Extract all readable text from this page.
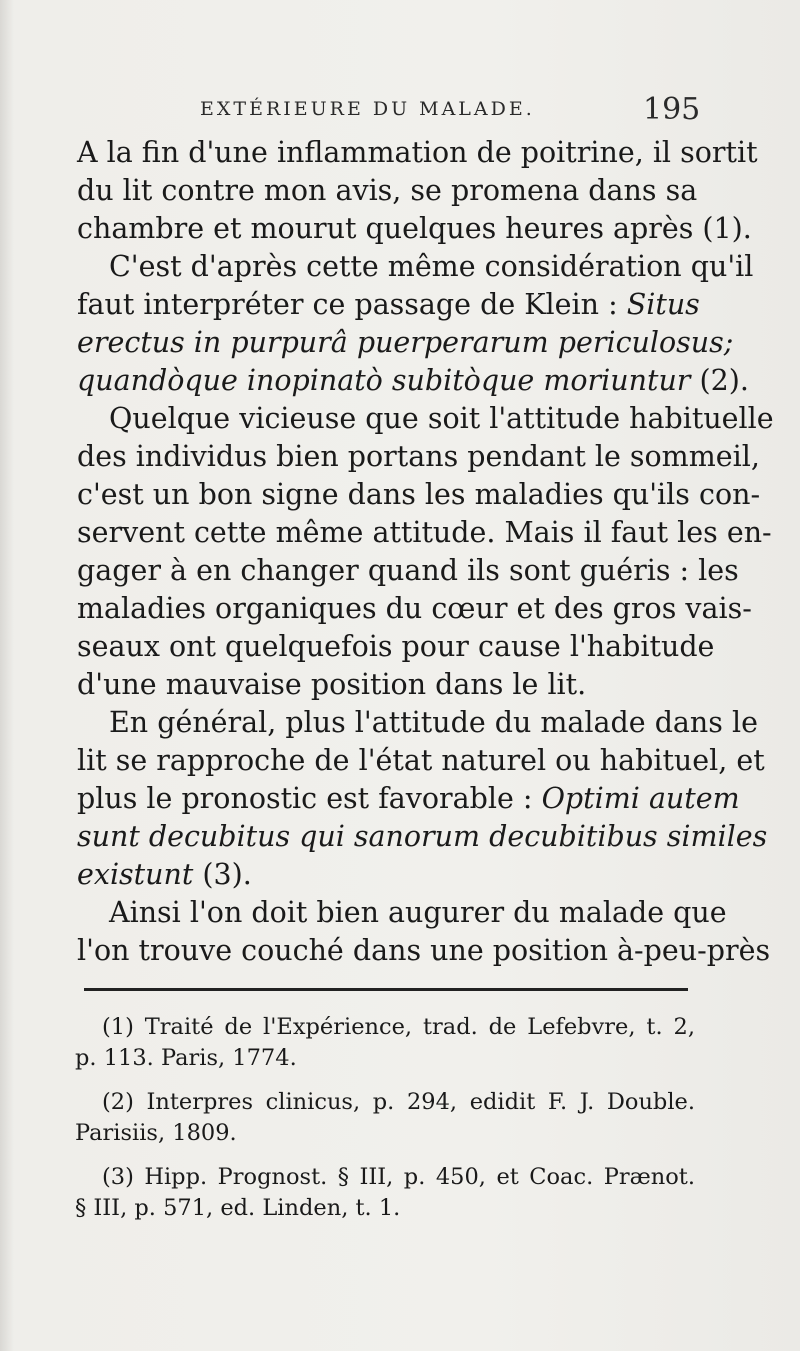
EXTÉRIEURE DU MALADE.	195
A la fin d'une inflammation de poitrine, il sortit
du lit contre mon avis, se promena dans sa
chambre et mourut quelques heures après (1).
C'est d'après cette même considération qu'il
faut interpréter ce passage de Klein : Situs
erectus in purpurâ puerperarum periculosus;
quandòque inopinatò subitòque moriuntur (2).
Quelque vicieuse que soit l'attitude habituelle
des individus bien portans pendant le sommeil,
c'est un bon signe dans les maladies qu'ils con-
servent cette même attitude. Mais il faut les en-
gager à en changer quand ils sont guéris : les
maladies organiques du cœur et des gros vais-
seaux ont quelquefois pour cause l'habitude
d'une mauvaise position dans le lit.
En général, plus l'attitude du malade dans le
lit se rapproche de l'état naturel ou habituel, et
plus le pronostic est favorable : Optimi autem
sunt decubitus qui sanorum decubitibus similes
existunt (3).
Ainsi l'on doit bien augurer du malade que
l'on trouve couché dans une position à-peu-près
(1) Traité de l'Expérience, trad. de Lefebvre, t. 2,
p. 113. Paris, 1774.
(2) Interpres clinicus, p. 294, edidit F. J. Double.
Parisiis, 1809.
(3) Hipp. Prognost. § III, p. 450, et Coac. Prænot.
§ III, p. 571, ed. Linden, t. 1.
